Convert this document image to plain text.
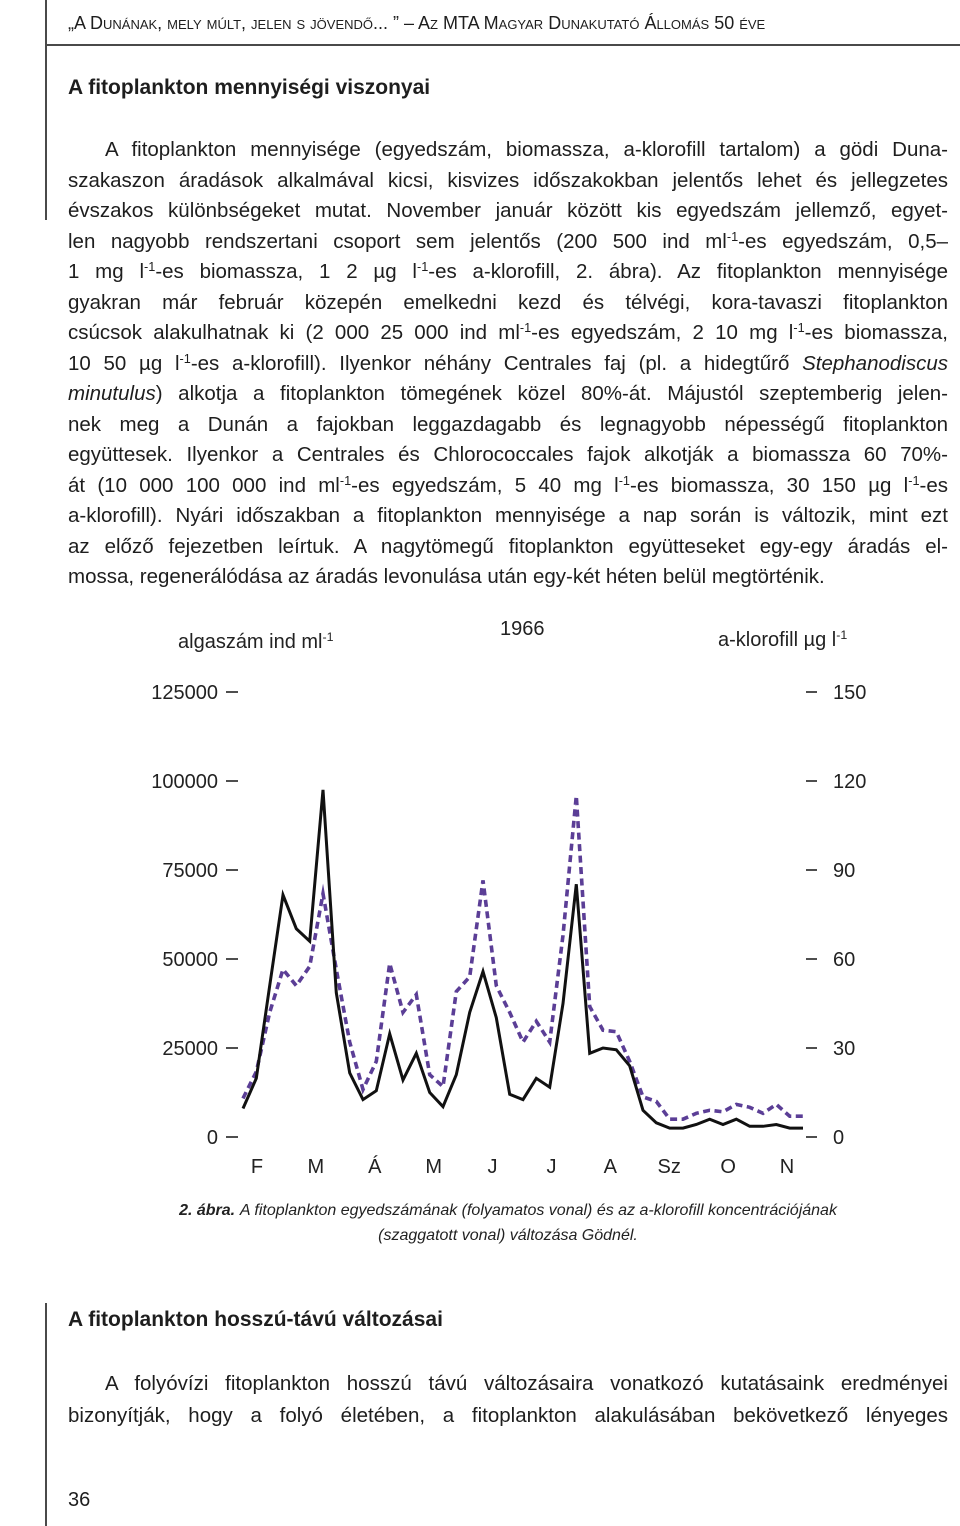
„A Dunának, mely múlt, jelen s jövendő... ” – Az MTA Magyar Dunakutató Állomás 50 éve
A fitoplankton mennyiségi viszonyai
A fitoplankton mennyisége (egyedszám, biomassza, a-klorofill tartalom) a gödi Duna-
szakaszon áradások alkalmával kicsi, kisvizes időszakokban jelentős lehet és jellegzetes
évszakos különbségeket mutat. November január között kis egyedszám jellemző, egyet-
len nagyobb rendszertani csoport sem jelentős (200 500 ind $ml^{-1}-es$ egyedszám, 0,5–
1 mg $l^{-1}-es$ biomassza, 1 2 µg $l^{-1}-es$ a-klorofill, 2. ábra). Az fitoplankton mennyisége
gyakran már február közepén emelkedni kezd és télvégi, kora-tavaszi fitoplankton
csúcsok alakulhatnak ki (2 000 25 000 ind $ml^{-1}-es$ egyedszám, 2 10 mg $l^{-1}-es$ biomassza,
10 50 µg $l^{-1}-es$ a-klorofill). Ilyenkor néhány Centrales faj (pl. a hidegtűrő Stephanodiscus
minutulus) alkotja a fitoplankton tömegének közel 80%-át. Májustól szeptemberig jelen-
nek meg a Dunán a fajokban leggazdagabb és legnagyobb népességű fitoplankton
együttesek. Ilyenkor a Centrales és Chlorococcales fajok alkotják a biomassza 60 70%-
át (10 000 100 000 ind $ml^{-1}-es$ egyedszám, 5 40 mg $l^{-1}-es$ biomassza, 30 150 µg $l^{-1}-es$
a-klorofill). Nyári időszakban a fitoplankton mennyisége a nap során is változik, mint ezt
az előző fejezetben leírtuk. A nagytömegű fitoplankton együtteseket egy-egy áradás el-
mossa, regenerálódása az áradás levonulása után egy-két héten belül megtörténik.
algaszám ind $ml^{-1}$	1966	a-klorofill µg $l^{-1}$
0
25000
50000
75000
100000
125000
0
30
60
90
120
150
F M Á M J J A Sz O N
2. ábra. A fitoplankton egyedszámának (folyamatos vonal) és az a-klorofill koncentrációjának
(szaggatott vonal) változása Gödnél.
A fitoplankton hosszú-távú változásai
A folyóvízi fitoplankton hosszú távú változásaira vonatkozó kutatásaink eredményei
bizonyítják, hogy a folyó életében, a fitoplankton alakulásában bekövetkező lényeges
36
